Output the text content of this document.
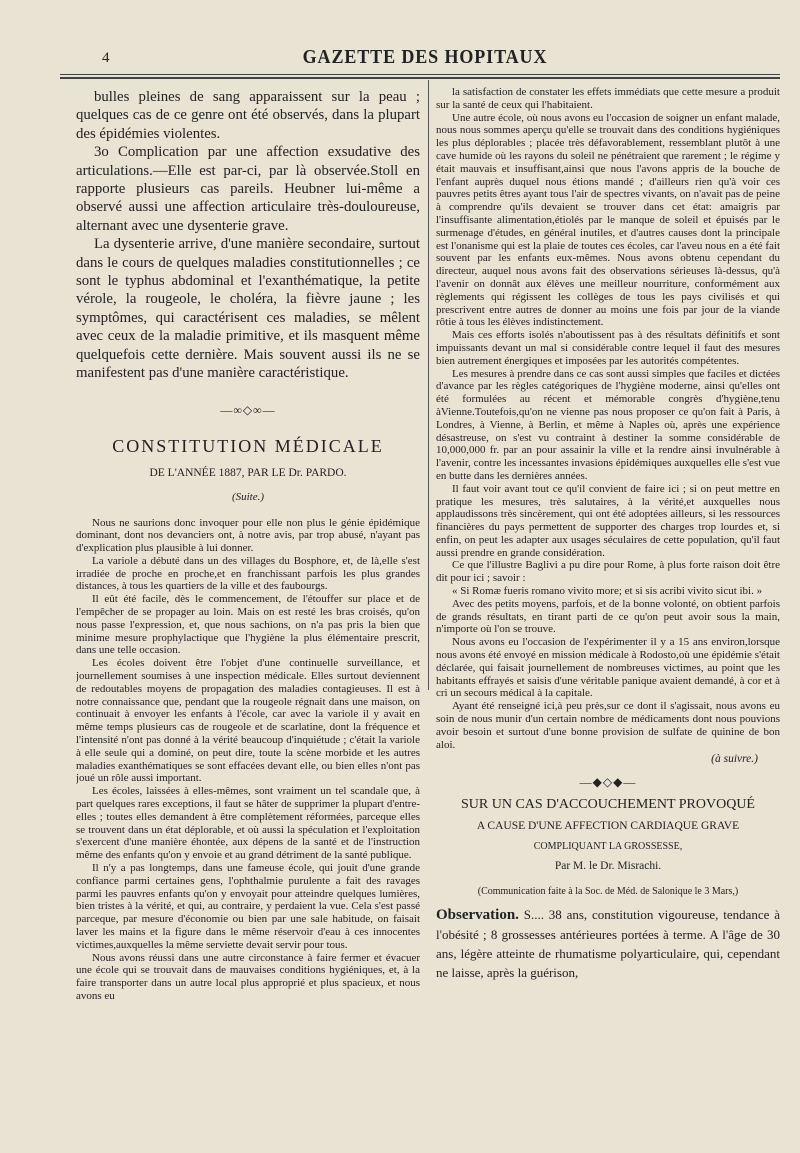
4	GAZETTE DES HOPITAUX

bulles pleines de sang apparaissent sur la peau ; quelques cas de ce genre ont été observés, dans la plupart des épidémies violentes.

3o Complication par une affection exsudative des articulations.—Elle est par-ci, par là observée.Stoll en rapporte plusieurs cas pareils. Heubner lui-même a observé aussi une affection articulaire très-douloureuse, alternant avec une dysenterie grave.

La dysenterie arrive, d'une manière secondaire, surtout dans le cours de quelques maladies constitutionnelles ; ce sont le typhus abdominal et l'exanthématique, la petite vérole, la rougeole, le choléra, la fièvre jaune ; les symptômes, qui caractérisent ces maladies, se mêlent avec ceux de la maladie primitive, et ils masquent même quelquefois cette dernière. Mais souvent aussi ils ne se manifestent pas d'une manière caractéristique.

—∞◇∞—
CONSTITUTION MÉDICALE
DE L'ANNÉE 1887, PAR LE Dr. PARDO.
(Suite.)

Nous ne saurions donc invoquer pour elle non plus le génie épidémique dominant, dont nos devanciers ont, à notre avis, par trop abusé, n'ayant pas d'explication plus plausible à lui donner.

La variole a débuté dans un des villages du Bosphore, et, de là,elle s'est irradiée de proche en proche,et en franchissant parfois les plus grandes distances, à tous les quartiers de la ville et des faubourgs.

Il eût été facile, dès le commencement, de l'étouffer sur place et de l'empêcher de se propager au loin. Mais on est resté les bras croisés, qu'on nous passe l'expression, et, que nous sachions, on n'a pas pris la bien que minime mesure prophylactique que l'hygiène la plus élémentaire prescrit, dans une telle occasion.

Les écoles doivent être l'objet d'une continuelle surveillance, et journellement soumises à une inspection médicale. Elles surtout deviennent de redoutables moyens de propagation des maladies contagieuses. Il est à notre connaissance que, pendant que la rougeole régnait dans une maison, on continuait à envoyer les enfants à l'école, car avec la variole il y avait en même temps plusieurs cas de rougeole et de scarlatine, dont la fréquence et l'intensité n'ont pas donné à la vérité beaucoup d'inquiétude ; c'était la variole à elle seule qui a dominé, on peut dire, toute la scène morbide et les autres maladies exanthématiques se sont effacées devant elle, ou bien elles n'ont pas joué un rôle aussi important.

Les écoles, laissées à elles-mêmes, sont vraiment un tel scandale que, à part quelques rares exceptions, il faut se hâter de supprimer la plupart d'entre-elles ; toutes elles demandent à être complètement réformées, parceque elles se trouvent dans un état déplorable, et où aussi la spéculation et l'exploitation s'exercent d'une manière éhontée, aux dépens de la santé et de l'instruction même des enfants qu'on y envoie et au grand détriment de la santé publique.

Il n'y a pas longtemps, dans une fameuse école, qui jouit d'une grande confiance parmi certaines gens, l'ophthalmie purulente a fait des ravages parmi les pauvres enfants qu'on y envoyait pour atteindre quelques lumières, bien tristes à la vérité, et qui, au contraire, y perdaient la vue. Cela s'est passé parceque, par mesure d'économie ou bien par une sale habitude, on faisait laver les mains et la figure dans le même réservoir d'eau à ces innocentes victimes,auxquelles la même serviette devait servir pour tous.

Nous avons réussi dans une autre circonstance à faire fermer et évacuer une école qui se trouvait dans de mauvaises conditions hygiéniques, et, à la faire transporter dans un autre local plus approprié et plus spacieux, et nous avons eu

la satisfaction de constater les effets immédiats que cette mesure a produit sur la santé de ceux qui l'habitaient.

Une autre école, où nous avons eu l'occasion de soigner un enfant malade, nous nous sommes aperçu qu'elle se trouvait dans des conditions hygiéniques les plus déplorables ; placée très défavorablement, ressemblant plutôt à une cave humide où les rayons du soleil ne pénétraient que rarement ; le régime y était mauvais et insuffisant,ainsi que nous l'avons appris de la bouche de l'enfant auprès duquel nous étions mandé ; d'ailleurs rien qu'à voir ces pauvres petits êtres ayant tous l'air de spectres vivants, on n'avait pas de peine à comprendre qu'ils devaient se trouver dans cet état: amaigris par l'insuffisante alimentation,étiolés par le manque de soleil et épuisés par le surmenage d'études, en général inutiles, et d'autres causes dont la principale est l'onanisme qui est la plaie de toutes ces écoles, car l'aveu nous en a été fait souvent par les enfants eux-mêmes. Nous avons obtenu cependant du directeur, auquel nous avons fait des observations sérieuses là-dessus, qu'à l'avenir on donnât aux élèves une meilleur nourriture, conformément aux règlements qui régissent les collèges de tous les pays civilisés et qui prescrivent entre autres de donner au moins une fois par jour de la viande rôtie à tous les élèves indistinctement.

Mais ces efforts isolés n'aboutissent pas à des résultats définitifs et sont impuissants devant un mal si considérable contre lequel il faut des mesures bien autrement énergiques et imposées par les autorités compétentes.

Les mesures à prendre dans ce cas sont aussi simples que faciles et dictées d'avance par les règles catégoriques de l'hygiène moderne, ainsi qu'elles ont été formulées au récent et mémorable congrès d'hygiène,tenu àVienne.Toutefois,qu'on ne vienne pas nous proposer ce qu'on fait à Paris, à Londres, à Vienne, à Berlin, et même à Naples où, après une expérience désastreuse, on s'est vu contraint à destiner la somme considérable de 10,000,000 fr. par an pour assainir la ville et la rendre ainsi invulnérable à l'avenir, contre les incessantes invasions épidémiques auxquelles elle s'est vue en butte dans les dernières années.

Il faut voir avant tout ce qu'il convient de faire ici ; si on peut mettre en pratique les mesures, très salutaires, à la vérité,et auxquelles nous applaudissons très sincèrement, qui ont été adoptées ailleurs, si les ressources financières du pays permettent de supporter des charges trop lourdes et, si enfin, on peut les adapter aux usages séculaires de cette population, qu'il faut aussi prendre en grande considération.

Ce que l'illustre Baglivi a pu dire pour Rome, à plus forte raison doit être dit pour ici ; savoir :

« Si Romæ fueris romano vivito more; et si sis acribi vivito sicut ibi. »

Avec des petits moyens, parfois, et de la bonne volonté, on obtient parfois de grands résultats, en tirant parti de ce qu'on peut avoir sous la main, n'importe où l'on se trouve.

Nous avons eu l'occasion de l'expérimenter il y a 15 ans environ,lorsque nous avons été envoyé en mission médicale à Rodosto,où une épidémie s'était déclarée, qui faisait journellement de nombreuses victimes, au point que les habitants effrayés et saisis d'une véritable panique avaient demandé, à cor et à cri un secours médical à la capitale.

Ayant été renseigné ici,à peu près,sur ce dont il s'agissait, nous avons eu soin de nous munir d'un certain nombre de médicaments dont nous pouvions avoir besoin et surtout d'une bonne provision de sulfate de quinine de bon aloi.

(à suivre.)
—◆◇◆—
SUR UN CAS D'ACCOUCHEMENT PROVOQUÉ
A CAUSE D'UNE AFFECTION CARDIAQUE GRAVE
COMPLIQUANT LA GROSSESSE,
Par M. le Dr. Misrachi.
(Communication faite à la Soc. de Méd. de Salonique le 3 Mars,)

Observation. S.... 38 ans, constitution vigoureuse, tendance à l'obésité ; 8 grossesses antérieures portées à terme. A l'âge de 30 ans, légère atteinte de rhumatisme polyarticulaire, qui, cependant ne laisse, après la guérison,
